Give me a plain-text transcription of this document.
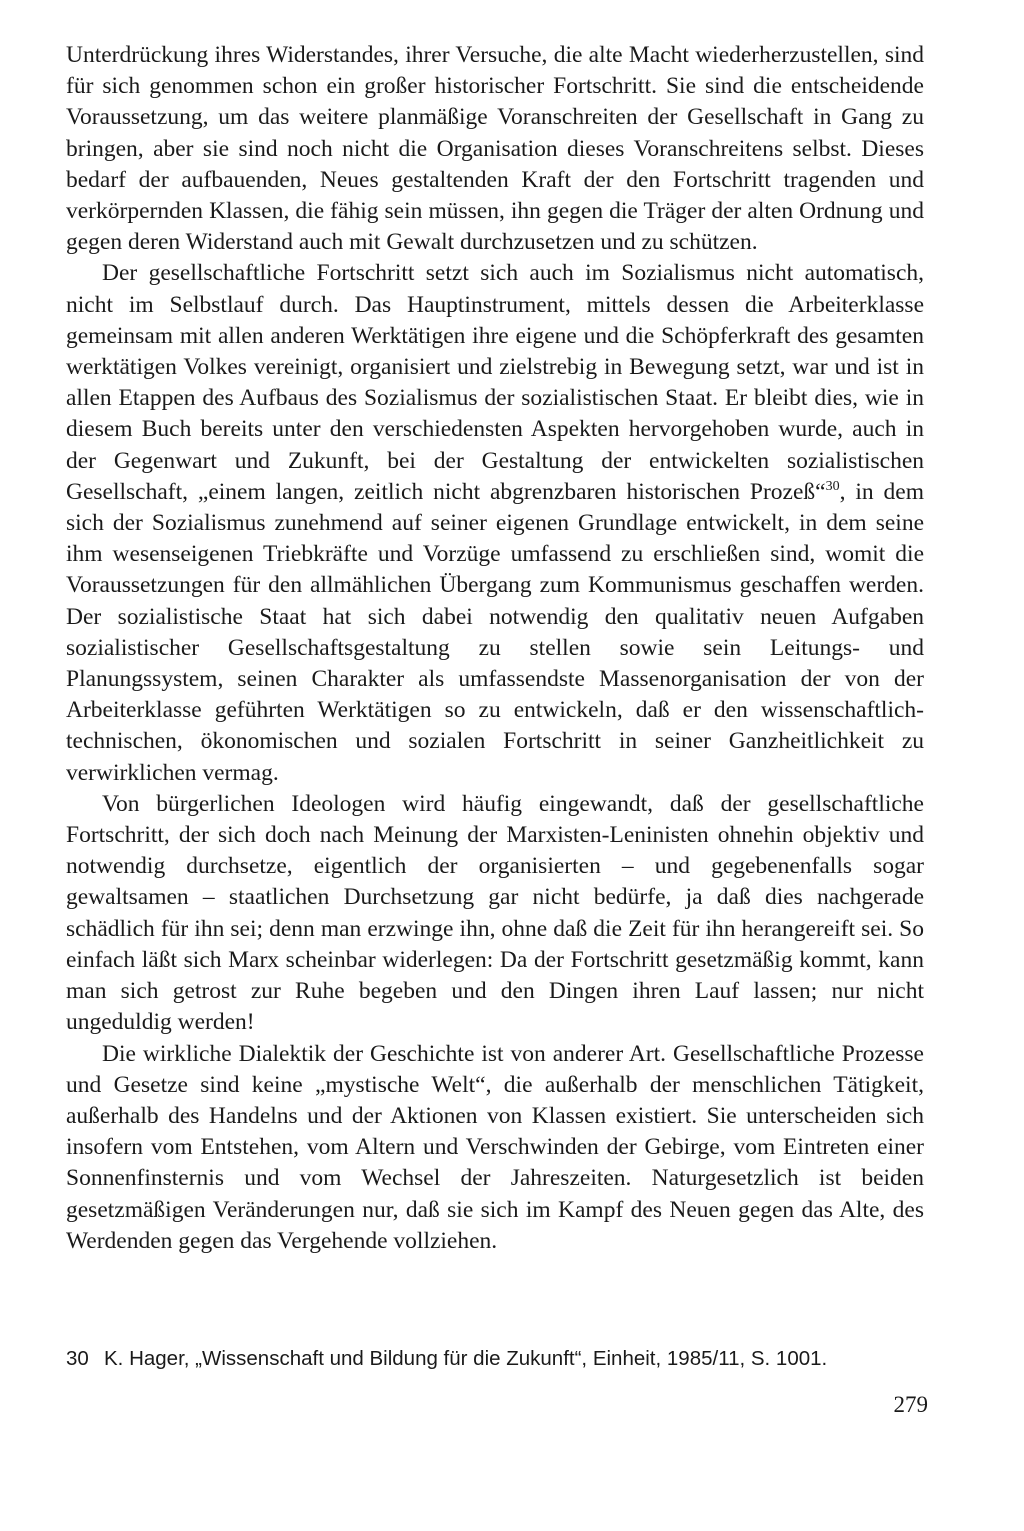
Unterdrückung ihres Widerstandes, ihrer Versuche, die alte Macht wiederherzustellen, sind für sich genommen schon ein großer historischer Fortschritt. Sie sind die entscheidende Voraussetzung, um das weitere planmäßige Voranschreiten der Gesellschaft in Gang zu bringen, aber sie sind noch nicht die Organisation dieses Voranschreitens selbst. Dieses bedarf der aufbauenden, Neues gestaltenden Kraft der den Fortschritt tragenden und verkörpernden Klassen, die fähig sein müssen, ihn gegen die Träger der alten Ordnung und gegen deren Widerstand auch mit Gewalt durchzusetzen und zu schützen.

Der gesellschaftliche Fortschritt setzt sich auch im Sozialismus nicht automatisch, nicht im Selbstlauf durch. Das Hauptinstrument, mittels dessen die Arbeiterklasse gemeinsam mit allen anderen Werktätigen ihre eigene und die Schöpferkraft des gesamten werktätigen Volkes vereinigt, organisiert und zielstrebig in Bewegung setzt, war und ist in allen Etappen des Aufbaus des Sozialismus der sozialistischen Staat. Er bleibt dies, wie in diesem Buch bereits unter den verschiedensten Aspekten hervorgehoben wurde, auch in der Gegenwart und Zukunft, bei der Gestaltung der entwickelten sozialistischen Gesellschaft, „einem langen, zeitlich nicht abgrenzbaren historischen Prozeß“$^{30}$, in dem sich der Sozialismus zunehmend auf seiner eigenen Grundlage entwickelt, in dem seine ihm wesenseigenen Triebkräfte und Vorzüge umfassend zu erschließen sind, womit die Voraussetzungen für den allmählichen Übergang zum Kommunismus geschaffen werden. Der sozialistische Staat hat sich dabei notwendig den qualitativ neuen Aufgaben sozialistischer Gesellschaftsgestaltung zu stellen sowie sein Leitungs- und Planungssystem, seinen Charakter als umfassendste Massenorganisation der von der Arbeiterklasse geführten Werktätigen so zu entwickeln, daß er den wissenschaftlich-technischen, ökonomischen und sozialen Fortschritt in seiner Ganzheitlichkeit zu verwirklichen vermag.

Von bürgerlichen Ideologen wird häufig eingewandt, daß der gesellschaftliche Fortschritt, der sich doch nach Meinung der Marxisten-Leninisten ohnehin objektiv und notwendig durchsetze, eigentlich der organisierten – und gegebenenfalls sogar gewaltsamen – staatlichen Durchsetzung gar nicht bedürfe, ja daß dies nachgerade schädlich für ihn sei; denn man erzwinge ihn, ohne daß die Zeit für ihn herangereift sei. So einfach läßt sich Marx scheinbar widerlegen: Da der Fortschritt gesetzmäßig kommt, kann man sich getrost zur Ruhe begeben und den Dingen ihren Lauf lassen; nur nicht ungeduldig werden!

Die wirkliche Dialektik der Geschichte ist von anderer Art. Gesellschaftliche Prozesse und Gesetze sind keine „mystische Welt“, die außerhalb der menschlichen Tätigkeit, außerhalb des Handelns und der Aktionen von Klassen existiert. Sie unterscheiden sich insofern vom Entstehen, vom Altern und Verschwinden der Gebirge, vom Eintreten einer Sonnenfinsternis und vom Wechsel der Jahreszeiten. Naturgesetzlich ist beiden gesetzmäßigen Veränderungen nur, daß sie sich im Kampf des Neuen gegen das Alte, des Werdenden gegen das Vergehende vollziehen.

30 K. Hager, „Wissenschaft und Bildung für die Zukunft“, Einheit, 1985/11, S. 1001.

279
